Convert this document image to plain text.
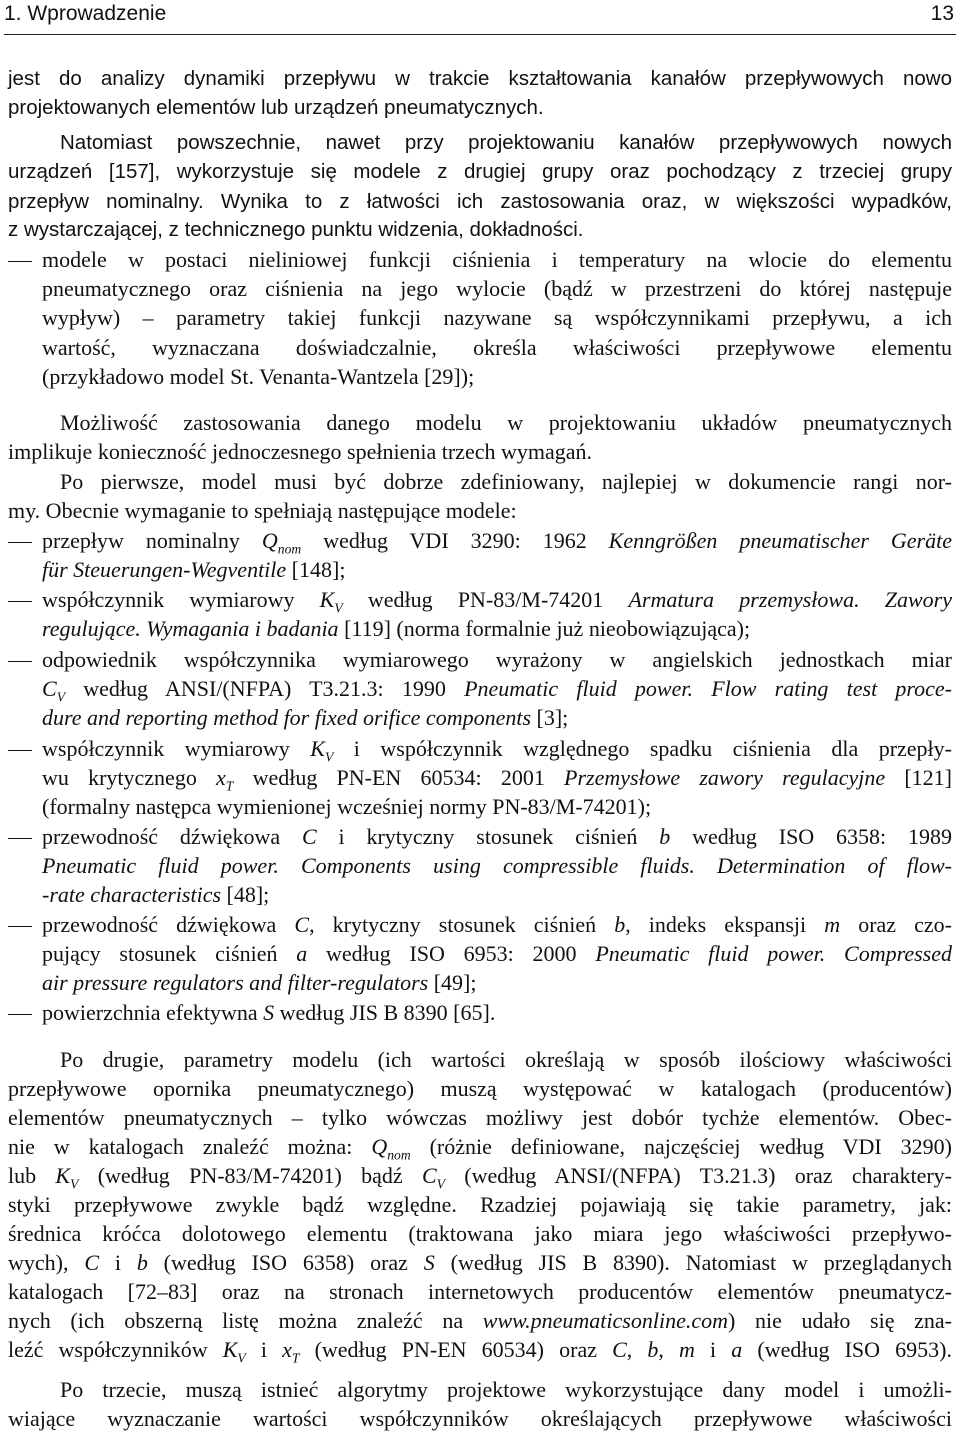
1. Wprowadzenie	13
jest do analizy dynamiki przepływu w trakcie kształtowania kanałów przepływowych nowo
projektowanych elementów lub urządzeń pneumatycznych.
Natomiast powszechnie, nawet przy projektowaniu kanałów przepływowych nowych
urządzeń [157], wykorzystuje się modele z drugiej grupy oraz pochodzący z trzeciej grupy
przepływ nominalny. Wynika to z łatwości ich zastosowania oraz, w większości wypadków,
z wystarczającej, z technicznego punktu widzenia, dokładności.
modele w postaci nieliniowej funkcji ciśnienia i temperatury na wlocie do elementu
pneumatycznego oraz ciśnienia na jego wylocie (bądź w przestrzeni do której następuje
wypływ) – parametry takiej funkcji nazywane są współczynnikami przepływu, a ich
wartość, wyznaczana doświadczalnie, określa właściwości przepływowe elementu
(przykładowo model St. Venanta-Wantzela [29]);
Możliwość zastosowania danego modelu w projektowaniu układów pneumatycznych
implikuje konieczność jednoczesnego spełnienia trzech wymagań.
Po pierwsze, model musi być dobrze zdefiniowany, najlepiej w dokumencie rangi nor-
my. Obecnie wymaganie to spełniają następujące modele:
przepływ nominalny $Q_{nom}$ według VDI 3290: 1962 Kenngrößen pneumatischer Geräte
für Steuerungen-Wegventile [148];
współczynnik wymiarowy $K_V$ według PN-83/M-74201 Armatura przemysłowa. Zawory
regulujące. Wymagania i badania [119] (norma formalnie już nieobowiązująca);
odpowiednik współczynnika wymiarowego wyrażony w angielskich jednostkach miar
$C_V$ według ANSI/(NFPA) T3.21.3: 1990 Pneumatic fluid power. Flow rating test proce-
dure and reporting method for fixed orifice components [3];
współczynnik wymiarowy $K_V$ i współczynnik względnego spadku ciśnienia dla przepły-
wu krytycznego $x_T$ według PN-EN 60534: 2001 Przemysłowe zawory regulacyjne [121]
(formalny następca wymienionej wcześniej normy PN-83/M-74201);
przewodność dźwiękowa C i krytyczny stosunek ciśnień b według ISO 6358: 1989
Pneumatic fluid power. Components using compressible fluids. Determination of flow-
-rate characteristics [48];
przewodność dźwiękowa C, krytyczny stosunek ciśnień b, indeks ekspansji m oraz czo-
pujący stosunek ciśnień a według ISO 6953: 2000 Pneumatic fluid power. Compressed
air pressure regulators and filter-regulators [49];
powierzchnia efektywna S według JIS B 8390 [65].
Po drugie, parametry modelu (ich wartości określają w sposób ilościowy właściwości
przepływowe opornika pneumatycznego) muszą występować w katalogach (producentów)
elementów pneumatycznych – tylko wówczas możliwy jest dobór tychże elementów. Obec-
nie w katalogach znaleźć można: $Q_{nom}$ (różnie definiowane, najczęściej według VDI 3290)
lub $K_V$ (według PN-83/M-74201) bądź $C_V$ (według ANSI/(NFPA) T3.21.3) oraz charaktery-
styki przepływowe zwykle bądź względne. Rzadziej pojawiają się takie parametry, jak:
średnica króćca dolotowego elementu (traktowana jako miara jego właściwości przepływo-
wych), C i b (według ISO 6358) oraz S (według JIS B 8390). Natomiast w przeglądanych
katalogach [72–83] oraz na stronach internetowych producentów elementów pneumatycz-
nych (ich obszerną listę można znaleźć na www.pneumaticsonline.com) nie udało się zna-
leźć współczynników $K_V$ i $x_T$ (według PN-EN 60534) oraz C, b, m i a (według ISO 6953).
Po trzecie, muszą istnieć algorytmy projektowe wykorzystujące dany model i umożli-
wiające wyznaczanie wartości współczynników określających przepływowe właściwości
